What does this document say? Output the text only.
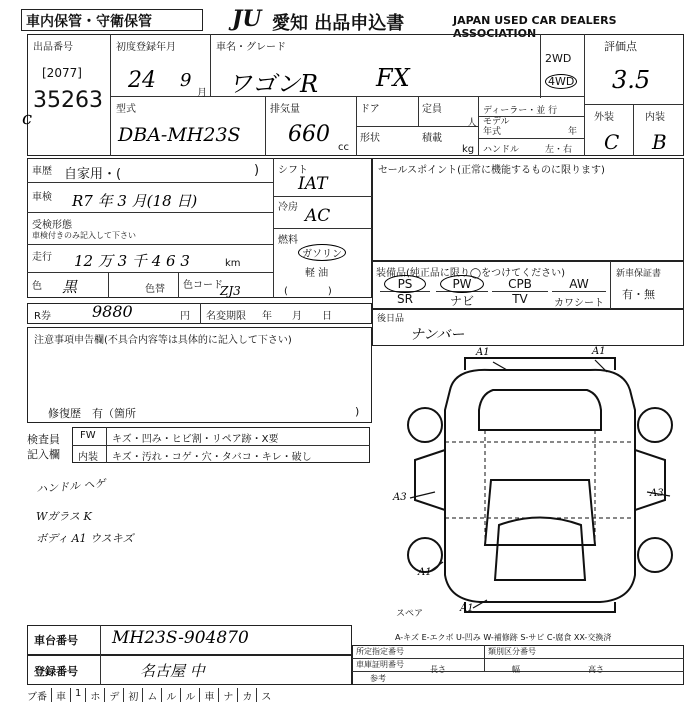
車内保管・守衛保管	JU 愛知 出品申込書	JAPAN USED CAR DEALERS ASSOCIATION
出品番号
[2077]
35263
c
初度登録年月
24 9
月
車名・グレード
ワゴンR FX
2WD
4WD
評価点
3.5
型式
DBA-MH23S
排気量
660
cc
ドア	定員
人
形状	積載
kg
ディーラー・並 行
モデル
年式	年
ハンドル	左・右
外装	内装
C B
車歴 自家用・(	)
車検 R7 年 3 月(18 日)
受検形態
車検付きのみ記入して下さい
走行 12 万 3 千 4 6 3	km
色 黒	色替 色コード
ZJ3
シフト
IAT
冷房 AC
燃料
ガソリン
軽 油
(　　　　)
R券	9880	円 名変期限 年　　月　　日
セールスポイント(正常に機能するものに限ります)
装備品(純正品に限り◯をつけてください)
PS	PW	CPB	AW
SR	ナビ	TV	カワシート
新車保証書
有・無
注意事項申告欄(不具合内容等は具体的に記入して下さい)
修復歴　有（箇所	)
後日品
ナンバー
検査員
記入欄
FW キズ・凹み・ヒビ割・リペア跡・X要
内装 キズ・汚れ・コゲ・穴・タバコ・キレ・破し
ハンドル ヘゲ
Wガラス K
ボディ A1 ウスキズ
A1	A1
A3	A3
A1
A1
スペア
A-キズ E-エクボ U-凹み W-補修跡 S-サビ C-腐食 XX-交換済
車台番号 MH23S-904870
登録番号	名古屋 中
所定指定番号	類別区分番号
車庫証明番号
参考
長さ	幅	高さ
ブ番 車 1 ホ デ 初 ム ル ル 車 ナ カ ス
